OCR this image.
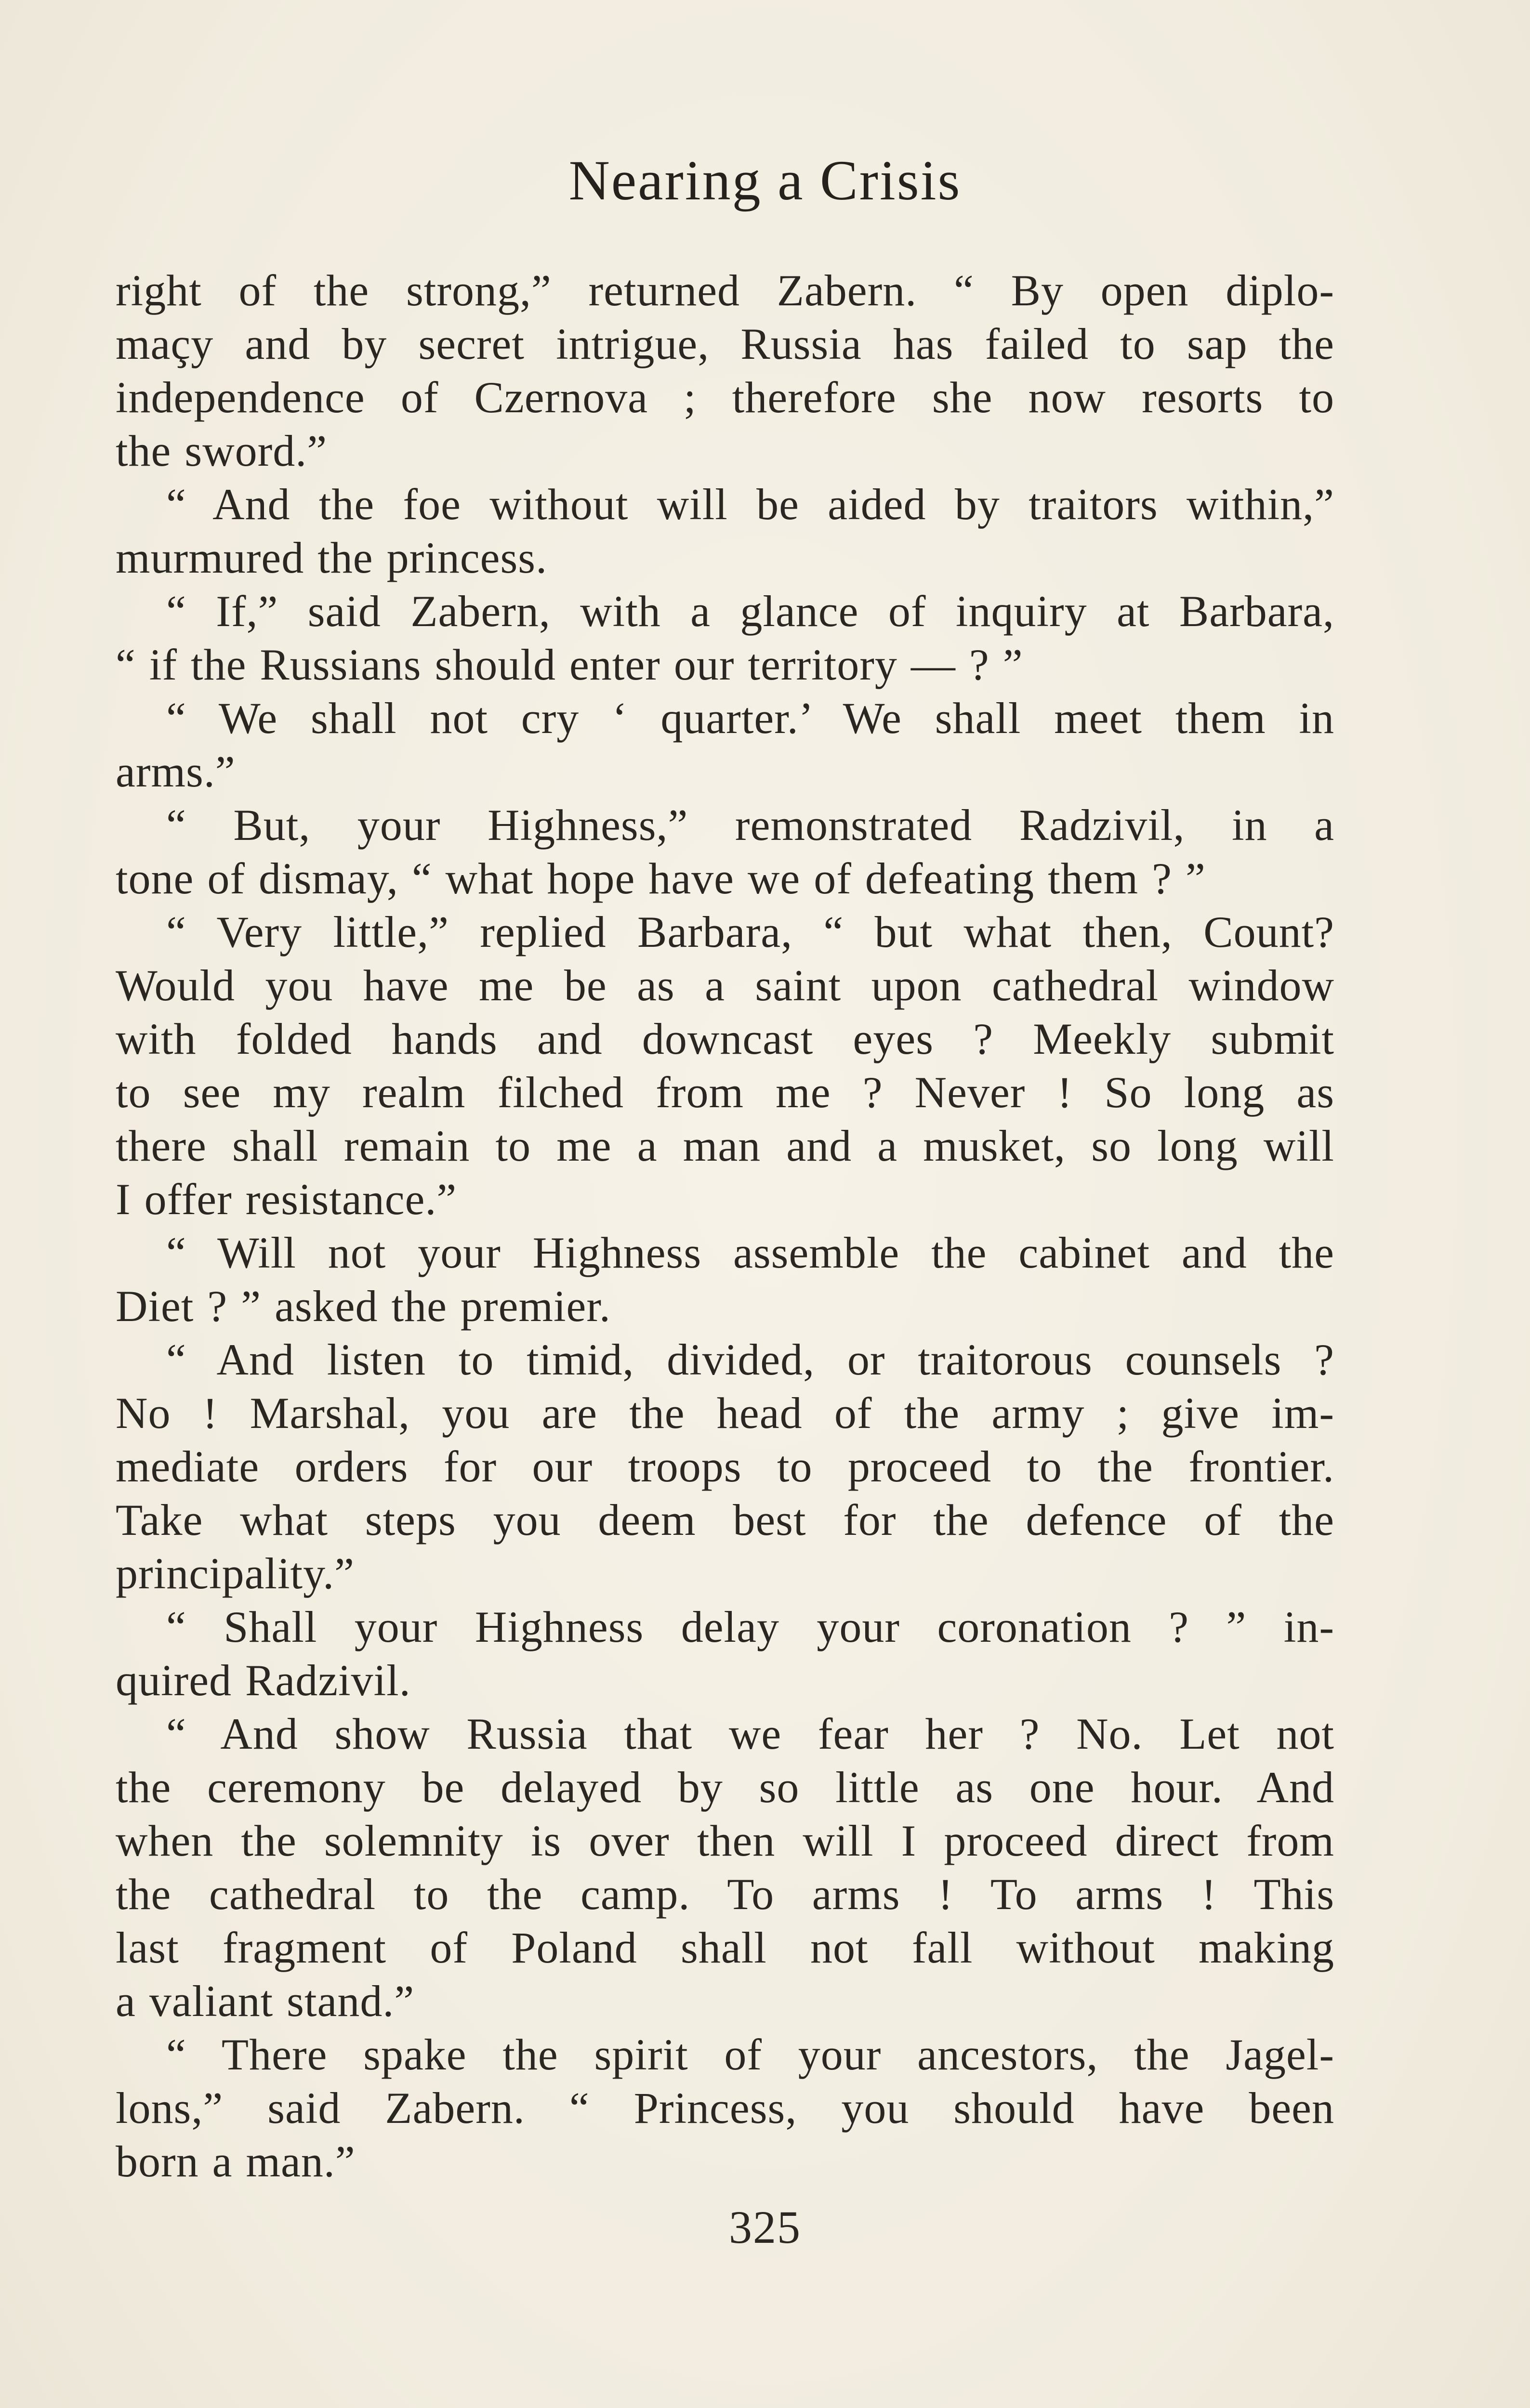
Nearing a Crisis
right of the strong,” returned Zabern. “ By open diplo-
maçy and by secret intrigue, Russia has failed to sap the
independence of Czernova ; therefore she now resorts to
the sword.”
“ And the foe without will be aided by traitors within,”
murmured the princess.
“ If,” said Zabern, with a glance of inquiry at Barbara,
“ if the Russians should enter our territory — ? ”
“ We shall not cry ‘ quarter.’ We shall meet them in
arms.”
“ But, your Highness,” remonstrated Radzivil, in a
tone of dismay, “ what hope have we of defeating them ? ”
“ Very little,” replied Barbara, “ but what then, Count?
Would you have me be as a saint upon cathedral window
with folded hands and downcast eyes ? Meekly submit
to see my realm filched from me ? Never ! So long as
there shall remain to me a man and a musket, so long will
I offer resistance.”
“ Will not your Highness assemble the cabinet and the
Diet ? ” asked the premier.
“ And listen to timid, divided, or traitorous counsels ?
No ! Marshal, you are the head of the army ; give im-
mediate orders for our troops to proceed to the frontier.
Take what steps you deem best for the defence of the
principality.”
“ Shall your Highness delay your coronation ? ” in-
quired Radzivil.
“ And show Russia that we fear her ? No. Let not
the ceremony be delayed by so little as one hour. And
when the solemnity is over then will I proceed direct from
the cathedral to the camp. To arms ! To arms ! This
last fragment of Poland shall not fall without making
a valiant stand.”
“ There spake the spirit of your ancestors, the Jagel-
lons,” said Zabern. “ Princess, you should have been
born a man.”
325
